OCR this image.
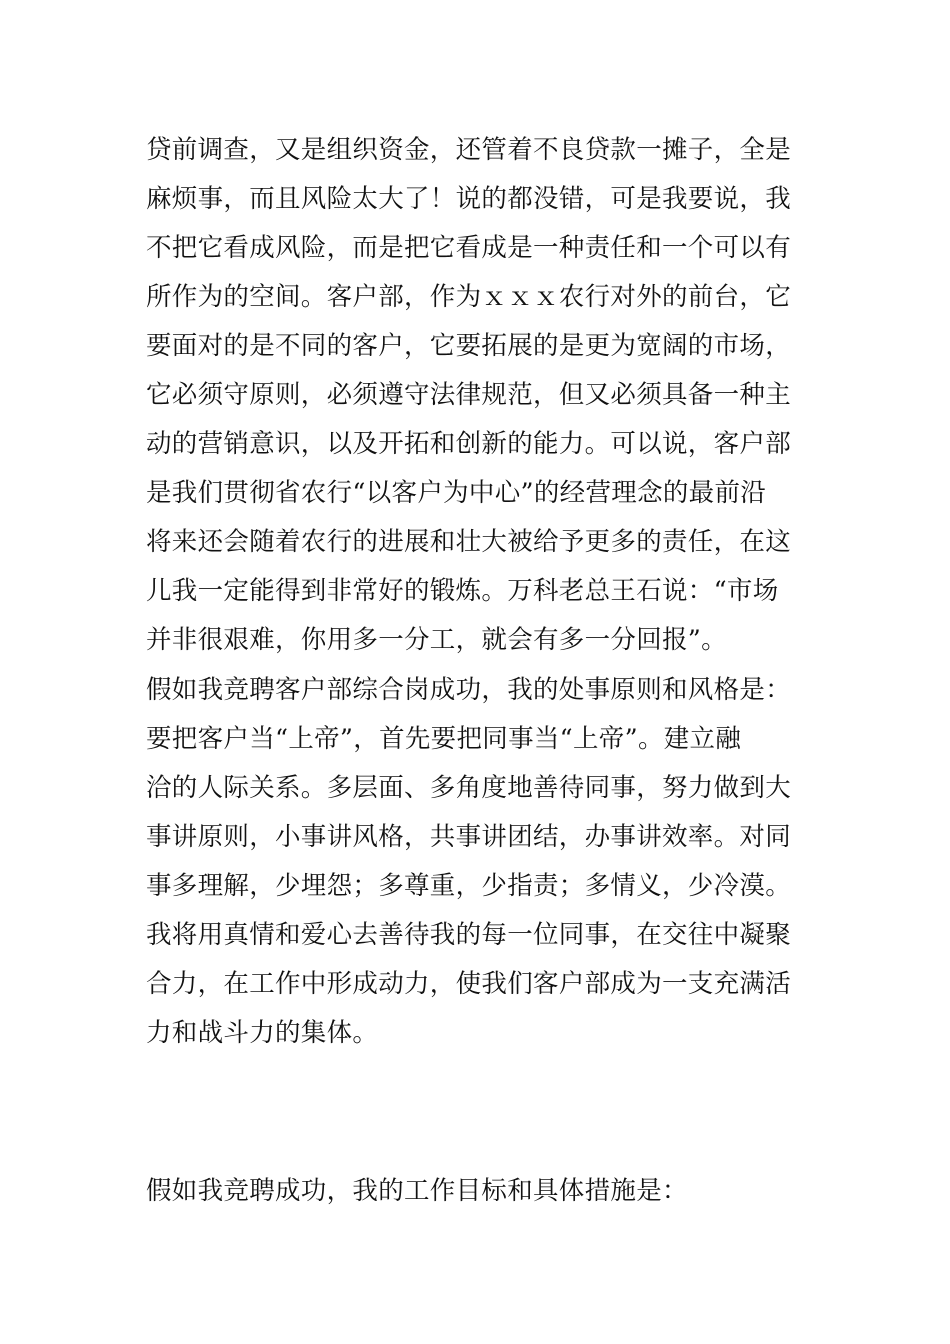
贷前调查，又是组织资金，还管着不良贷款一摊子，全是
麻烦事，而且风险太大了！说的都没错，可是我要说，我
不把它看成风险，而是把它看成是一种责任和一个可以有
所作为的空间。客户部，作为ｘｘｘ农行对外的前台，它
要面对的是不同的客户，它要拓展的是更为宽阔的市场，
它必须守原则，必须遵守法律规范，但又必须具备一种主
动的营销意识，以及开拓和创新的能力。可以说，客户部
是我们贯彻省农行“以客户为中心”的经营理念的最前沿
将来还会随着农行的进展和壮大被给予更多的责任，在这
儿我一定能得到非常好的锻炼。万科老总王石说：“市场
并非很艰难，你用多一分工，就会有多一分回报”。
假如我竞聘客户部综合岗成功，我的处事原则和风格是：
要把客户当“上帝”，首先要把同事当“上帝”。建立融
洽的人际关系。多层面、多角度地善待同事，努力做到大
事讲原则，小事讲风格，共事讲团结，办事讲效率。对同
事多理解，少埋怨；多尊重，少指责；多情义，少冷漠。
我将用真情和爱心去善待我的每一位同事，在交往中凝聚
合力，在工作中形成动力，使我们客户部成为一支充满活
力和战斗力的集体。
假如我竞聘成功，我的工作目标和具体措施是：
